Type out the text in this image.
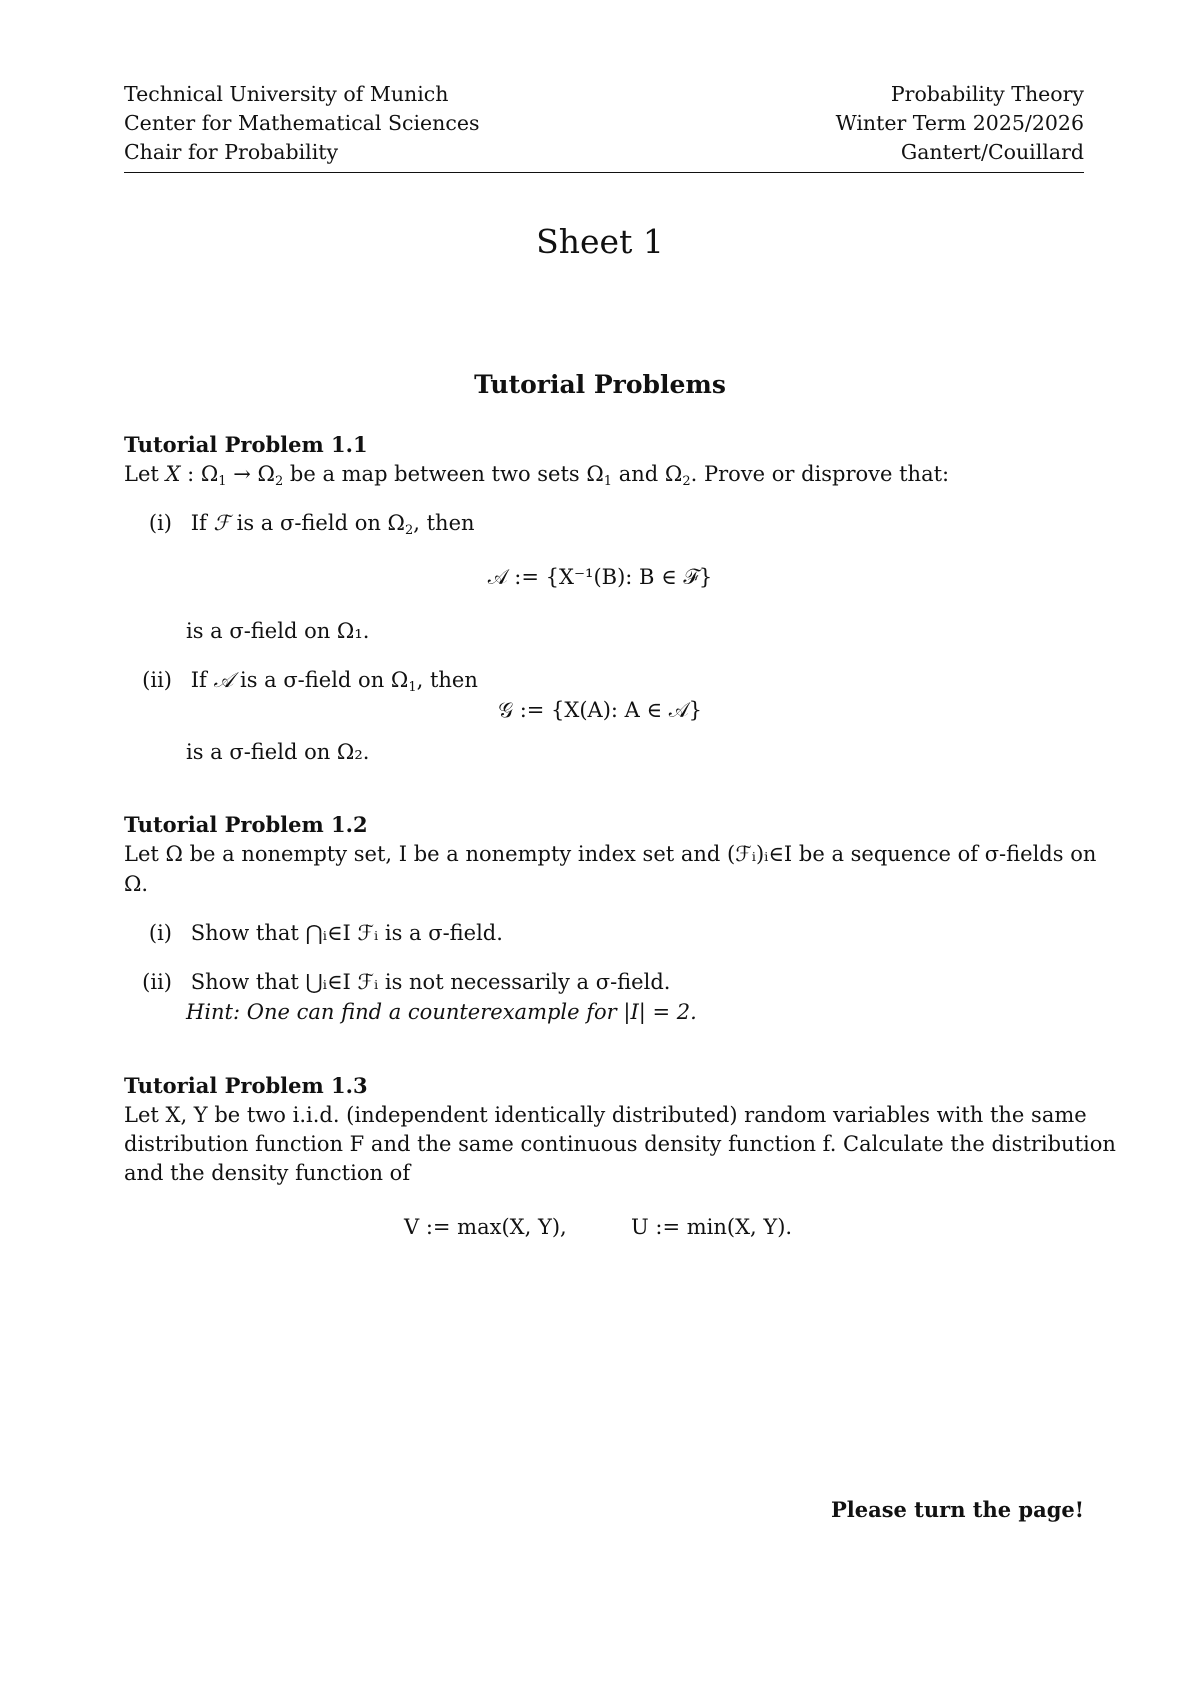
Technical University of Munich
Center for Mathematical Sciences
Chair for Probability
Probability Theory
Winter Term 2025/2026
Gantert/Couillard
Sheet 1
Tutorial Problems
Tutorial Problem 1.1
Let X : $\Omega_1 \to \Omega_2$ be a map between two sets $\Omega_1$ and $\Omega_2$. Prove or disprove that:
(i) If ℱ is a σ-field on $\Omega_2$, then
𝒜 := {X⁻¹(B): B ∈ ℱ}
is a σ-field on Ω₁.
(ii) If 𝒜 is a σ-field on $\Omega_1$, then
𝒢 := {X(A): A ∈ 𝒜}
is a σ-field on Ω₂.
Tutorial Problem 1.2
Let Ω be a nonempty set, I be a nonempty index set and (ℱᵢ)ᵢ∈I be a sequence of σ-fields on
Ω.
(i) Show that ⋂ᵢ∈I ℱᵢ is a σ-field.
(ii) Show that ⋃ᵢ∈I ℱᵢ is not necessarily a σ-field.
Hint: One can find a counterexample for |I| = 2.
Tutorial Problem 1.3
Let X, Y be two i.i.d. (independent identically distributed) random variables with the same
distribution function F and the same continuous density function f. Calculate the distribution
and the density function of
V := max(X, Y),	U := min(X, Y).
Please turn the page!
